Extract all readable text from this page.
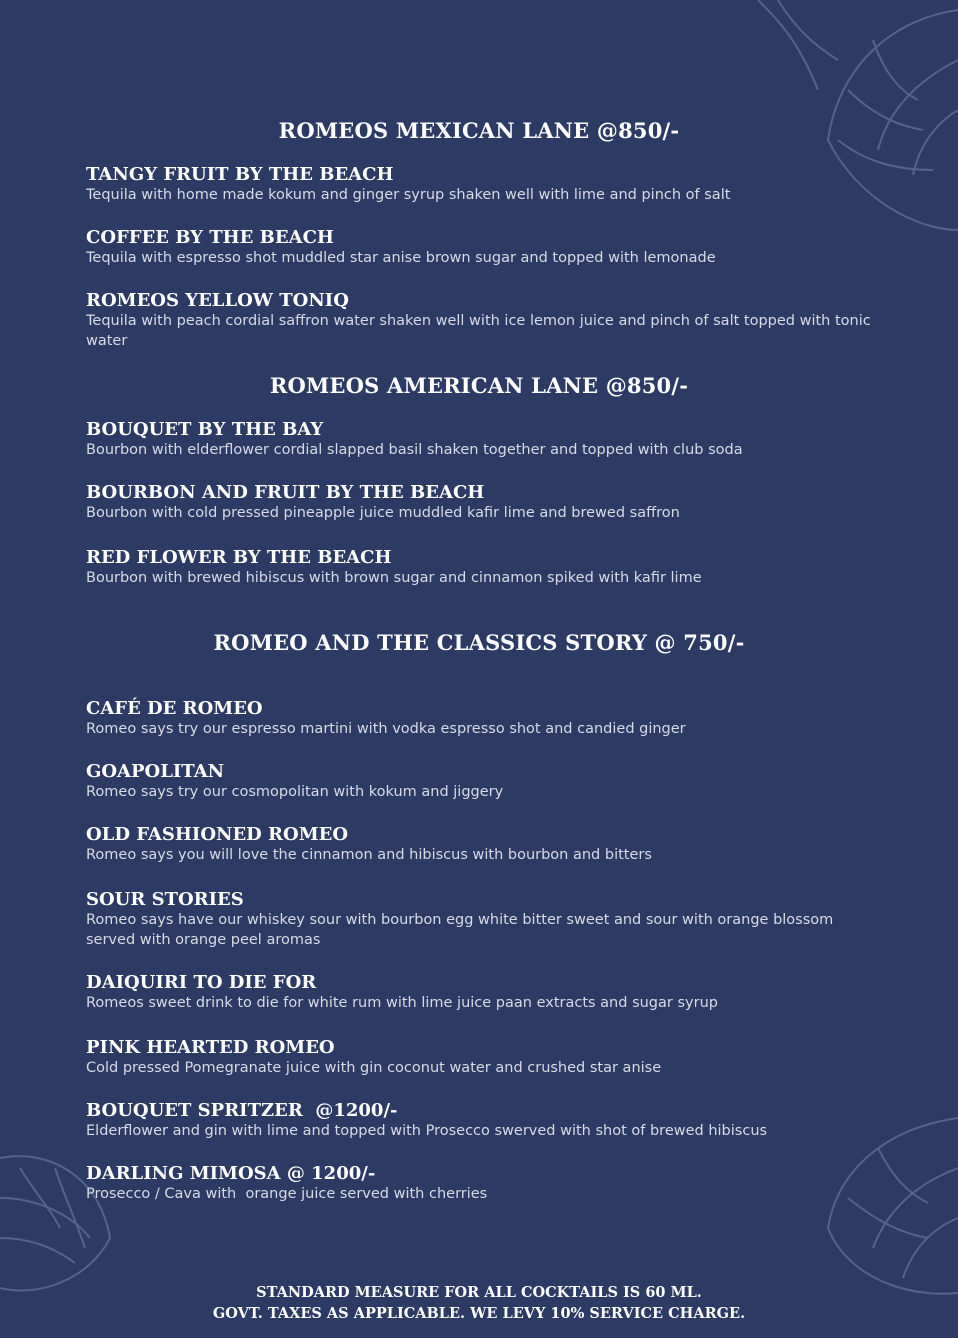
ROMEOS MEXICAN LANE @850/-
TANGY FRUIT BY THE BEACH
Tequila with home made kokum and ginger syrup shaken well with lime and pinch of salt
COFFEE BY THE BEACH
Tequila with espresso shot muddled star anise brown sugar and topped with lemonade
ROMEOS YELLOW TONIQ
Tequila with peach cordial saffron water shaken well with ice lemon juice and pinch of salt topped with tonic water
ROMEOS AMERICAN LANE @850/-
BOUQUET BY THE BAY
Bourbon with elderflower cordial slapped basil shaken together and topped with club soda
BOURBON AND FRUIT BY THE BEACH
Bourbon with cold pressed pineapple juice muddled kafir lime and brewed saffron
RED FLOWER BY THE BEACH
Bourbon with brewed hibiscus with brown sugar and cinnamon spiked with kafir lime
ROMEO AND THE CLASSICS STORY @ 750/-
CAFÉ DE ROMEO
Romeo says try our espresso martini with vodka espresso shot and candied ginger
GOAPOLITAN
Romeo says try our cosmopolitan with kokum and jiggery
OLD FASHIONED ROMEO
Romeo says you will love the cinnamon and hibiscus with bourbon and bitters
SOUR STORIES
Romeo says have our whiskey sour with bourbon egg white bitter sweet and sour with orange blossom served with orange peel aromas
DAIQUIRI TO DIE FOR
Romeos sweet drink to die for white rum with lime juice paan extracts and sugar syrup
PINK HEARTED ROMEO
Cold pressed Pomegranate juice with gin coconut water and crushed star anise
BOUQUET SPRITZER  @1200/-
Elderflower and gin with lime and topped with Prosecco swerved with shot of brewed hibiscus
DARLING MIMOSA @ 1200/-
Prosecco / Cava with  orange juice served with cherries
STANDARD MEASURE FOR ALL COCKTAILS IS 60 ML.
GOVT. TAXES AS APPLICABLE. WE LEVY 10% SERVICE CHARGE.
